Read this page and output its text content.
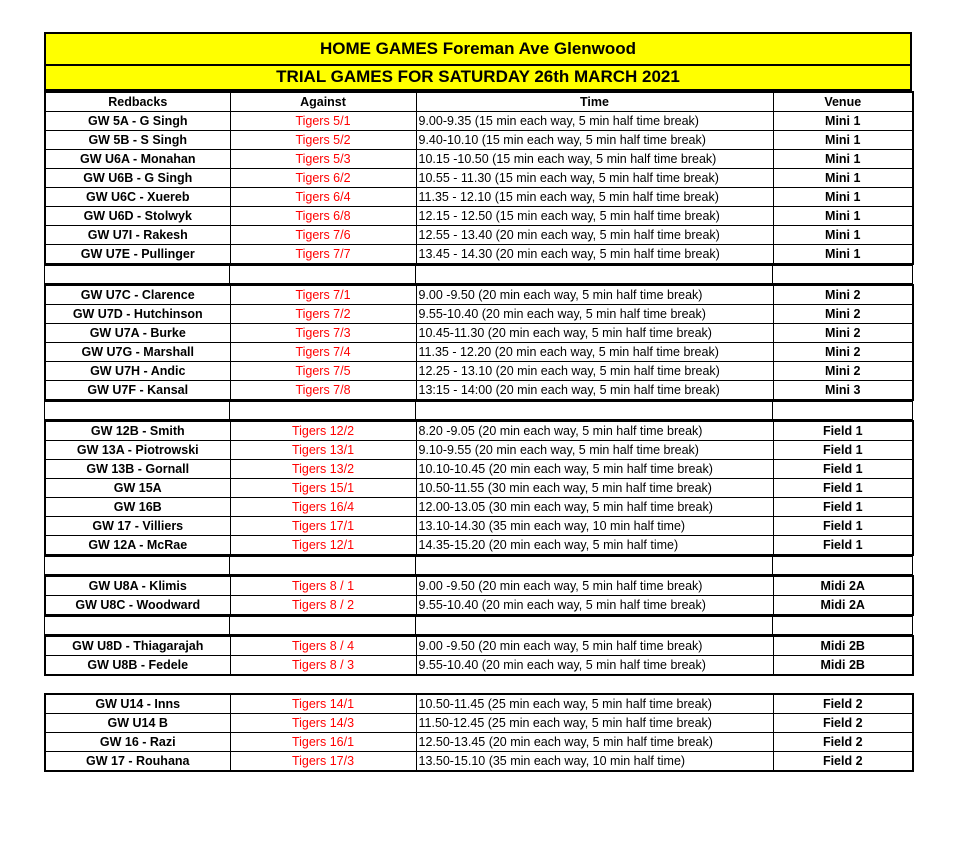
HOME GAMES Foreman Ave Glenwood
TRIAL GAMES FOR SATURDAY 26th MARCH 2021
Redbacks	Against	Time	Venue
GW 5A - G Singh	Tigers 5/1	9.00-9.35 (15 min each way, 5 min half time break)	Mini 1
GW 5B - S Singh	Tigers 5/2	9.40-10.10 (15 min each way, 5 min half time break)	Mini 1
GW U6A - Monahan	Tigers 5/3	10.15 -10.50 (15 min each way, 5 min half time break)	Mini 1
GW U6B - G Singh	Tigers 6/2	10.55 - 11.30 (15 min each way, 5 min half time break)	Mini 1
GW U6C - Xuereb	Tigers 6/4	11.35 - 12.10 (15 min each way, 5 min half time break)	Mini 1
GW U6D - Stolwyk	Tigers 6/8	12.15 - 12.50 (15 min each way, 5 min half time break)	Mini 1
GW U7I - Rakesh	Tigers 7/6	12.55 - 13.40 (20 min each way, 5 min half time break)	Mini 1
GW U7E - Pullinger	Tigers 7/7	13.45 - 14.30 (20 min each way, 5 min half time break)	Mini 1

GW U7C - Clarence	Tigers 7/1	9.00 -9.50 (20 min each way, 5 min half time break)	Mini 2
GW U7D - Hutchinson	Tigers 7/2	9.55-10.40 (20 min each way, 5 min half time break)	Mini 2
GW U7A - Burke	Tigers 7/3	10.45-11.30 (20 min each way, 5 min half time break)	Mini 2
GW U7G - Marshall	Tigers 7/4	11.35 - 12.20 (20 min each way, 5 min half time break)	Mini 2
GW U7H - Andic	Tigers 7/5	12.25 - 13.10 (20 min each way, 5 min half time break)	Mini 2
GW U7F - Kansal	Tigers 7/8	13:15 - 14:00 (20 min each way, 5 min half time break)	Mini 3

GW 12B - Smith	Tigers 12/2	8.20 -9.05 (20 min each way, 5 min half time break)	Field 1
GW 13A - Piotrowski	Tigers 13/1	9.10-9.55 (20 min each way, 5 min half time break)	Field 1
GW 13B - Gornall	Tigers 13/2	10.10-10.45 (20 min each way, 5 min half time break)	Field 1
GW 15A	Tigers 15/1	10.50-11.55 (30 min each way, 5 min half time break)	Field 1
GW 16B	Tigers 16/4	12.00-13.05 (30 min each way, 5 min half time break)	Field 1
GW 17 - Villiers	Tigers 17/1	13.10-14.30 (35 min each way, 10 min half time)	Field 1
GW 12A - McRae	Tigers 12/1	14.35-15.20 (20 min each way, 5 min half time)	Field 1

GW U8A - Klimis	Tigers 8 / 1	9.00 -9.50 (20 min each way, 5 min half time break)	Midi 2A
GW U8C - Woodward	Tigers 8 / 2	9.55-10.40 (20 min each way, 5 min half time break)	Midi 2A

GW U8D - Thiagarajah	Tigers 8 / 4	9.00 -9.50 (20 min each way, 5 min half time break)	Midi 2B
GW U8B - Fedele	Tigers 8 / 3	9.55-10.40 (20 min each way, 5 min half time break)	Midi 2B

GW U14 - Inns	Tigers 14/1	10.50-11.45 (25 min each way, 5 min half time break)	Field 2
GW U14 B	Tigers 14/3	11.50-12.45 (25 min each way, 5 min half time break)	Field 2
GW 16 - Razi	Tigers 16/1	12.50-13.45 (20 min each way, 5 min half time break)	Field 2
GW 17 - Rouhana	Tigers 17/3	13.50-15.10 (35 min each way, 10 min half time)	Field 2
